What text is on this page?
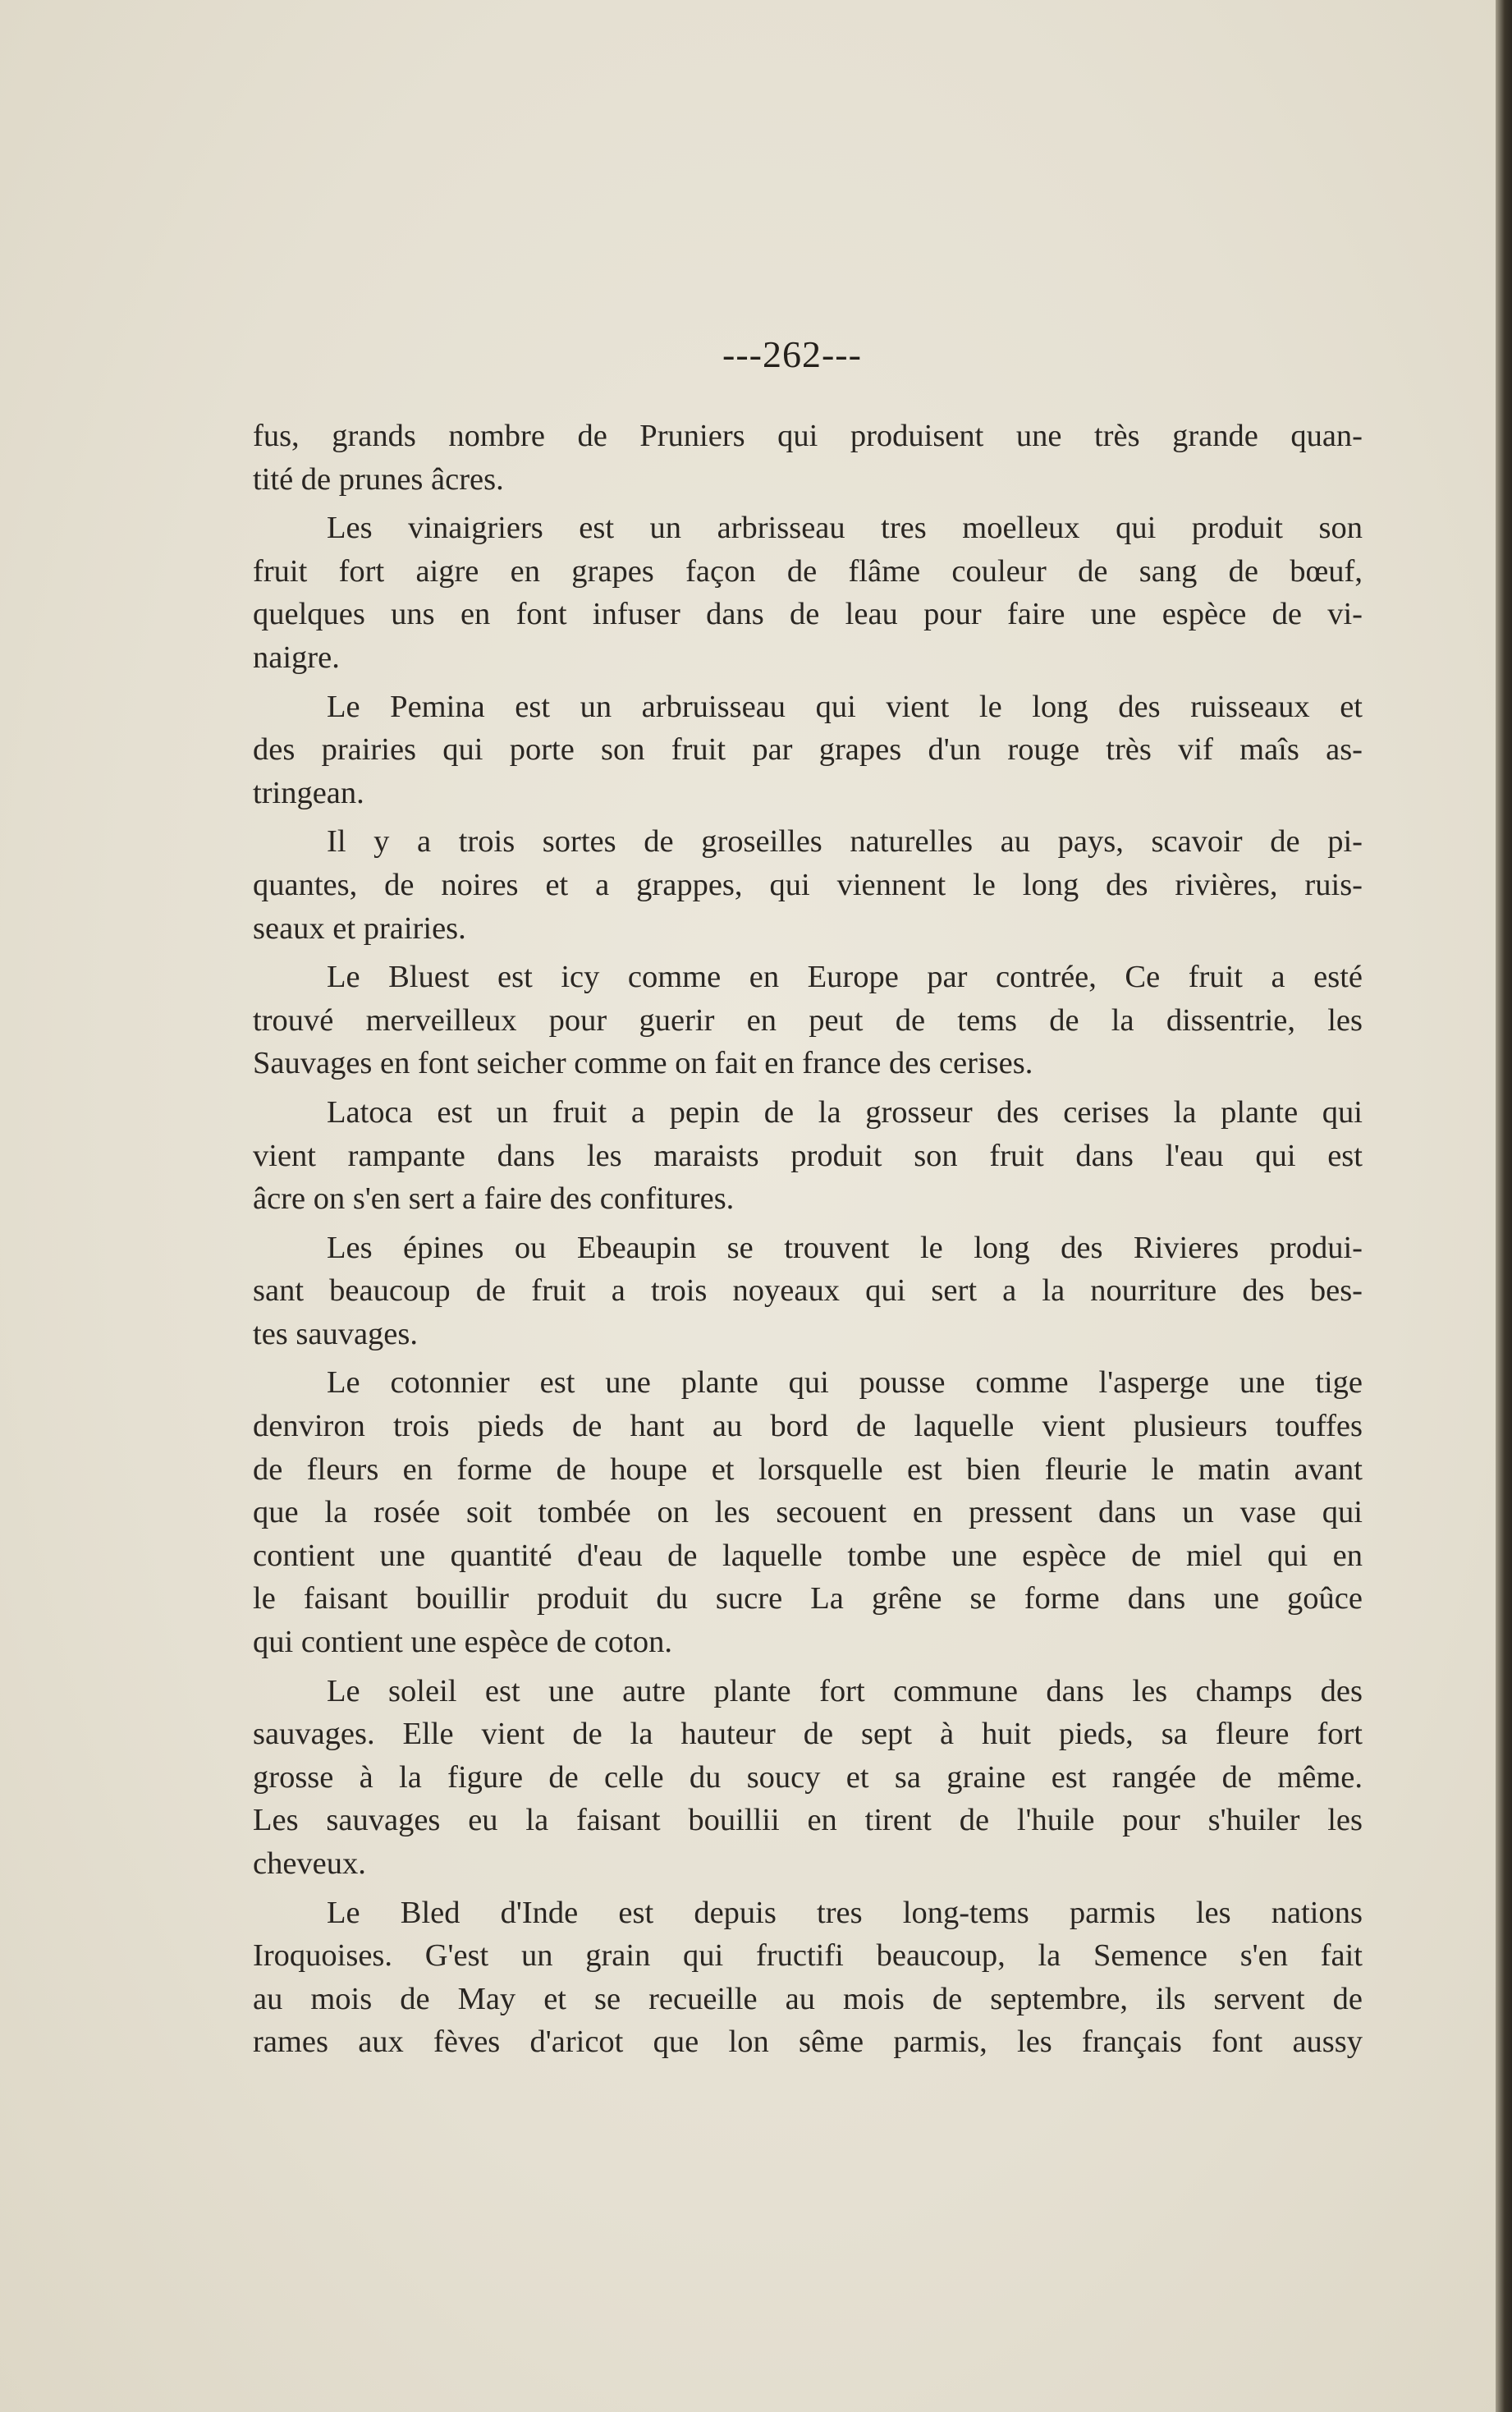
---262---
fus, grands nombre de Pruniers qui produisent une très grande quan-
tité de prunes âcres.
Les vinaigriers est un arbrisseau tres moelleux qui produit son
fruit fort aigre en grapes façon de flâme couleur de sang de bœuf,
quelques uns en font infuser dans de leau pour faire une espèce de vi-
naigre.
Le Pemina est un arbruisseau qui vient le long des ruisseaux et
des prairies qui porte son fruit par grapes d'un rouge très vif maîs as-
tringean.
Il y a trois sortes de groseilles naturelles au pays, scavoir de pi-
quantes, de noires et a grappes, qui viennent le long des rivières, ruis-
seaux et prairies.
Le Bluest est icy comme en Europe par contrée, Ce fruit a esté
trouvé merveilleux pour guerir en peut de tems de la dissentrie, les
Sauvages en font seicher comme on fait en france des cerises.
Latoca est un fruit a pepin de la grosseur des cerises la plante qui
vient rampante dans les maraists produit son fruit dans l'eau qui est
âcre on s'en sert a faire des confitures.
Les épines ou Ebeaupin se trouvent le long des Rivieres produi-
sant beaucoup de fruit a trois noyeaux qui sert a la nourriture des bes-
tes sauvages.
Le cotonnier est une plante qui pousse comme l'asperge une tige
denviron trois pieds de hant au bord de laquelle vient plusieurs touffes
de fleurs en forme de houpe et lorsquelle est bien fleurie le matin avant
que la rosée soit tombée on les secouent en pressent dans un vase qui
contient une quantité d'eau de laquelle tombe une espèce de miel qui en
le faisant bouillir produit du sucre La grêne se forme dans une goûce
qui contient une espèce de coton.
Le soleil est une autre plante fort commune dans les champs des
sauvages. Elle vient de la hauteur de sept à huit pieds, sa fleure fort
grosse à la figure de celle du soucy et sa graine est rangée de même.
Les sauvages eu la faisant bouillii en tirent de l'huile pour s'huiler les
cheveux.
Le Bled d'Inde est depuis tres long-tems parmis les nations
Iroquoises. G'est un grain qui fructifi beaucoup, la Semence s'en fait
au mois de May et se recueille au mois de septembre, ils servent de
rames aux fèves d'aricot que lon sême parmis, les français font aussy
